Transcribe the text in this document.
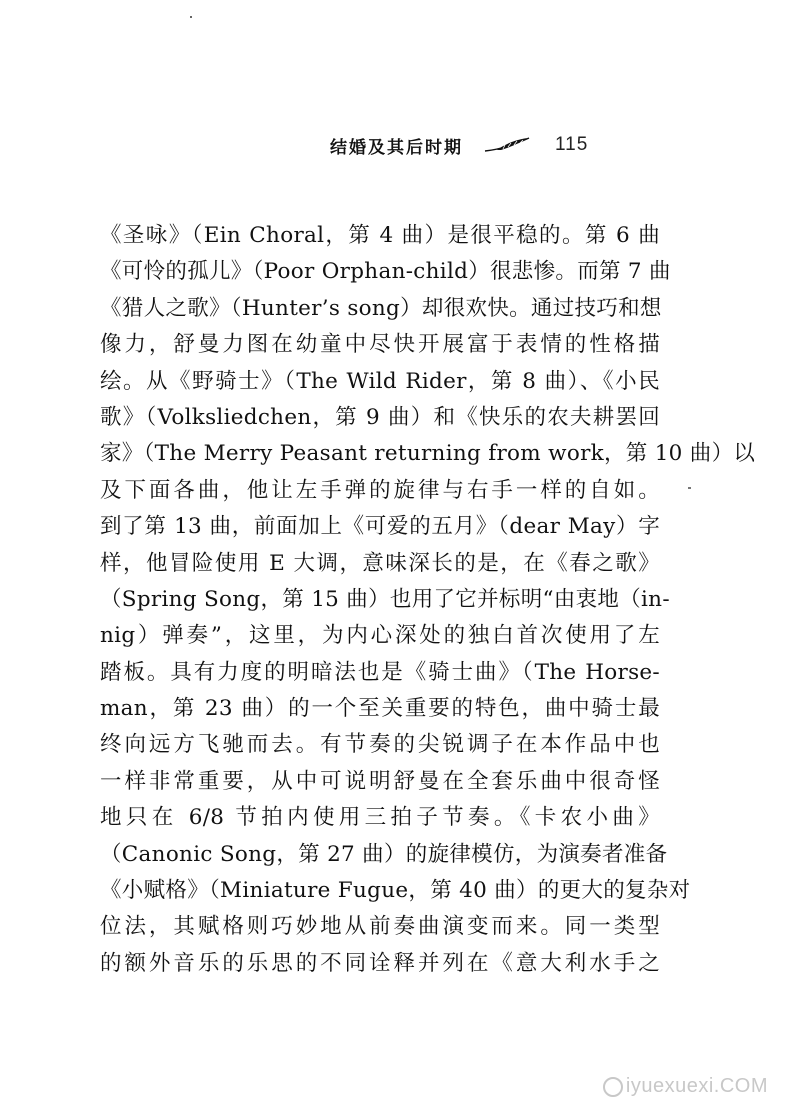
结婚及其后时期	115
《圣咏》（Ein Choral，第 4 曲）是很平稳的。第 6 曲
《可怜的孤儿》（Poor Orphan-child）很悲惨。而第 7 曲
《猎人之歌》（Hunter’s song）却很欢快。通过技巧和想
像力，舒曼力图在幼童中尽快开展富于表情的性格描
绘。从《野骑士》（The Wild Rider，第 8 曲）、《小民
歌》（Volksliedchen，第 9 曲）和《快乐的农夫耕罢回
家》（The Merry Peasant returning from work，第 10 曲）以
及下面各曲，他让左手弹的旋律与右手一样的自如。
到了第 13 曲，前面加上《可爱的五月》（dear May）字
样，他冒险使用 E 大调，意味深长的是，在《春之歌》
（Spring Song，第 15 曲）也用了它并标明“由衷地（in-
nig）弹奏”，这里，为内心深处的独白首次使用了左
踏板。具有力度的明暗法也是《骑士曲》（The Horse-
man，第 23 曲）的一个至关重要的特色，曲中骑士最
终向远方飞驰而去。有节奏的尖锐调子在本作品中也
一样非常重要，从中可说明舒曼在全套乐曲中很奇怪
地只在 6/8 节拍内使用三拍子节奏。《卡农小曲》
（Canonic Song，第 27 曲）的旋律模仿，为演奏者准备
《小赋格》（Miniature Fugue，第 40 曲）的更大的复杂对
位法，其赋格则巧妙地从前奏曲演变而来。同一类型
的额外音乐的乐思的不同诠释并列在《意大利水手之
iyuexuexi.COM
